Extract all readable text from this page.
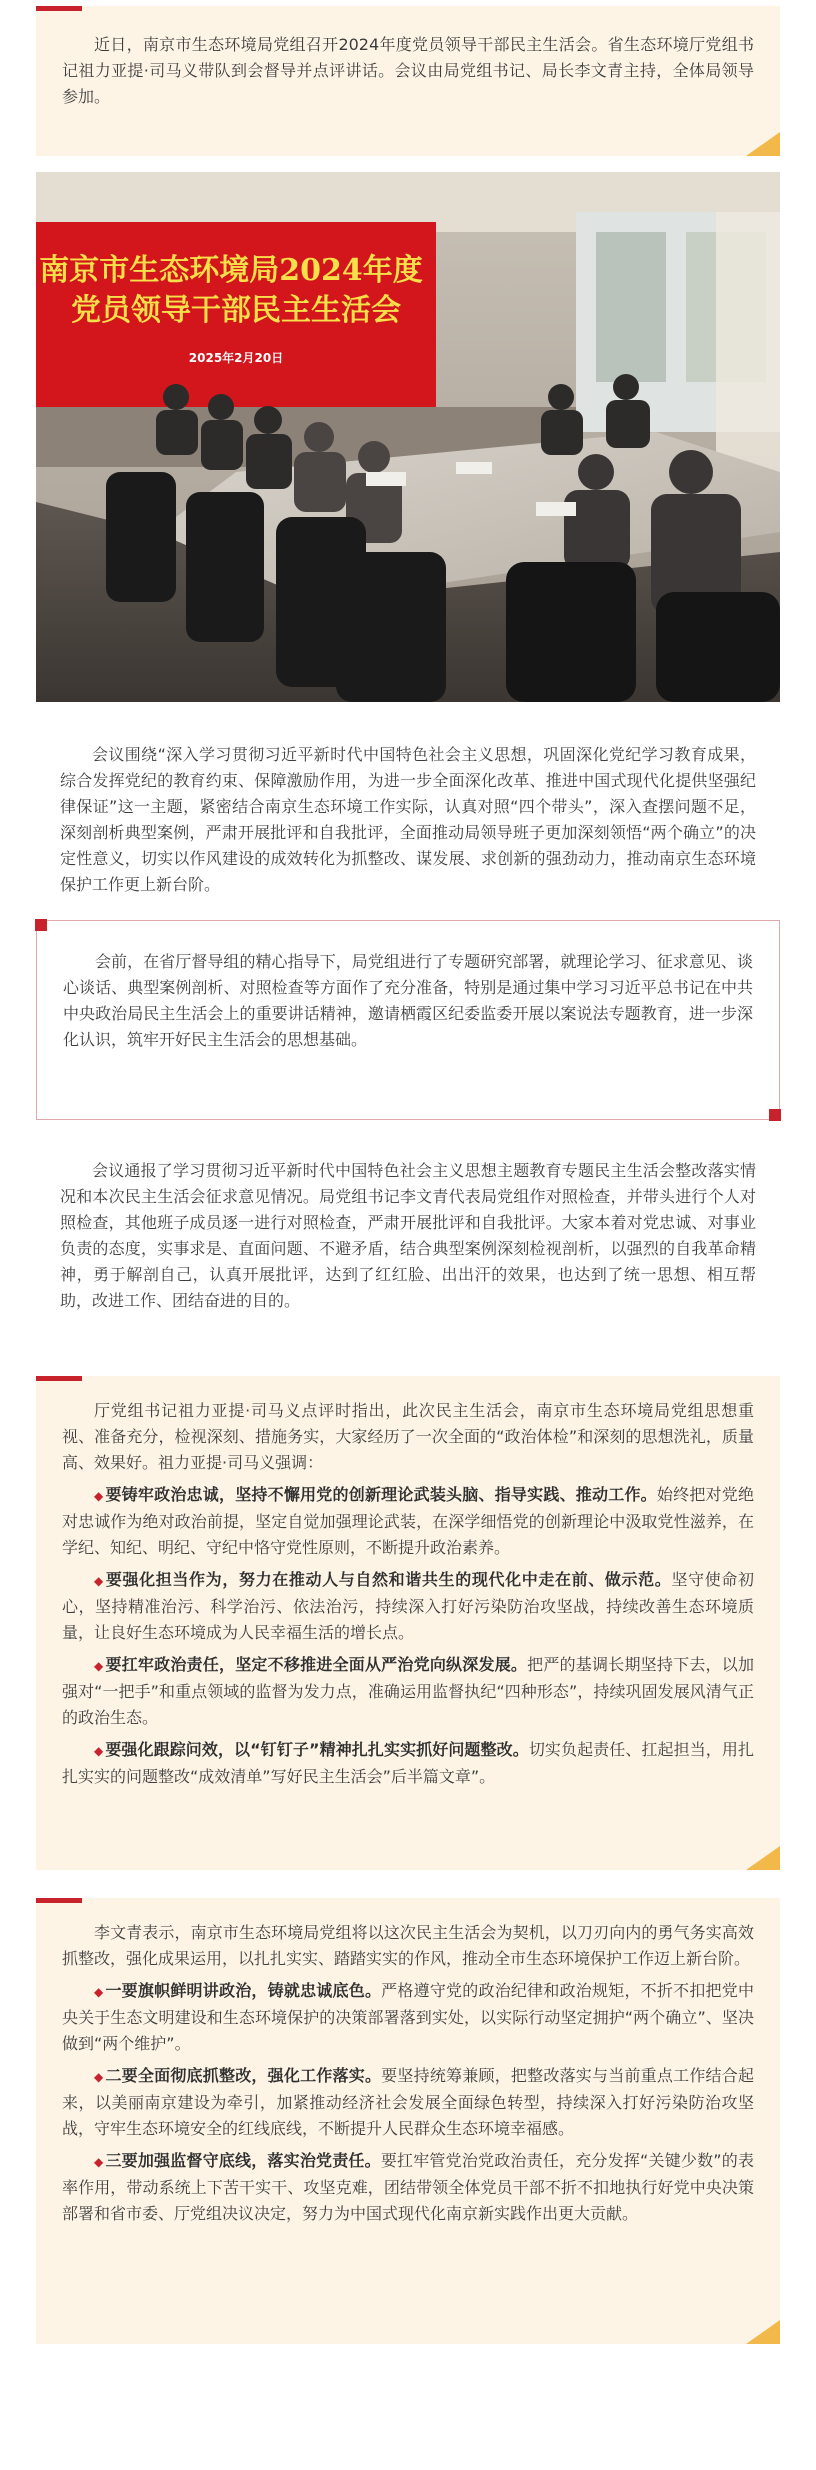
近日，南京市生态环境局党组召开2024年度党员领导干部民主生活会。省生态环境厅党组书记祖力亚提·司马义带队到会督导并点评讲话。会议由局党组书记、局长李文青主持，全体局领导参加。

南京市生态环境局2024年度
党员领导干部民主生活会
2025年2月20日

会议围绕“深入学习贯彻习近平新时代中国特色社会主义思想，巩固深化党纪学习教育成果，综合发挥党纪的教育约束、保障激励作用，为进一步全面深化改革、推进中国式现代化提供坚强纪律保证”这一主题，紧密结合南京生态环境工作实际，认真对照“四个带头”，深入查摆问题不足，深刻剖析典型案例，严肃开展批评和自我批评，全面推动局领导班子更加深刻领悟“两个确立”的决定性意义，切实以作风建设的成效转化为抓整改、谋发展、求创新的强劲动力，推动南京生态环境保护工作更上新台阶。

会前，在省厅督导组的精心指导下，局党组进行了专题研究部署，就理论学习、征求意见、谈心谈话、典型案例剖析、对照检查等方面作了充分准备，特别是通过集中学习习近平总书记在中共中央政治局民主生活会上的重要讲话精神，邀请栖霞区纪委监委开展以案说法专题教育，进一步深化认识，筑牢开好民主生活会的思想基础。

会议通报了学习贯彻习近平新时代中国特色社会主义思想主题教育专题民主生活会整改落实情况和本次民主生活会征求意见情况。局党组书记李文青代表局党组作对照检查，并带头进行个人对照检查，其他班子成员逐一进行对照检查，严肃开展批评和自我批评。大家本着对党忠诚、对事业负责的态度，实事求是、直面问题、不避矛盾，结合典型案例深刻检视剖析，以强烈的自我革命精神，勇于解剖自己，认真开展批评，达到了红红脸、出出汗的效果，也达到了统一思想、相互帮助，改进工作、团结奋进的目的。

厅党组书记祖力亚提·司马义点评时指出，此次民主生活会，南京市生态环境局党组思想重视、准备充分，检视深刻、措施务实，大家经历了一次全面的“政治体检”和深刻的思想洗礼，质量高、效果好。祖力亚提·司马义强调：

◆ 要铸牢政治忠诚，坚持不懈用党的创新理论武装头脑、指导实践、推动工作。始终把对党绝对忠诚作为绝对政治前提，坚定自觉加强理论武装，在深学细悟党的创新理论中汲取党性滋养，在学纪、知纪、明纪、守纪中恪守党性原则，不断提升政治素养。

◆ 要强化担当作为，努力在推动人与自然和谐共生的现代化中走在前、做示范。坚守使命初心，坚持精准治污、科学治污、依法治污，持续深入打好污染防治攻坚战，持续改善生态环境质量，让良好生态环境成为人民幸福生活的增长点。

◆ 要扛牢政治责任，坚定不移推进全面从严治党向纵深发展。把严的基调长期坚持下去，以加强对“一把手”和重点领域的监督为发力点，准确运用监督执纪“四种形态”，持续巩固发展风清气正的政治生态。

◆ 要强化跟踪问效，以“钉钉子”精神扎扎实实抓好问题整改。切实负起责任、扛起担当，用扎扎实实的问题整改“成效清单”写好民主生活会”后半篇文章”。

李文青表示，南京市生态环境局党组将以这次民主生活会为契机，以刀刃向内的勇气务实高效抓整改，强化成果运用，以扎扎实实、踏踏实实的作风，推动全市生态环境保护工作迈上新台阶。

◆ 一要旗帜鲜明讲政治，铸就忠诚底色。严格遵守党的政治纪律和政治规矩，不折不扣把党中央关于生态文明建设和生态环境保护的决策部署落到实处，以实际行动坚定拥护“两个确立”、坚决做到“两个维护”。

◆ 二要全面彻底抓整改，强化工作落实。要坚持统筹兼顾，把整改落实与当前重点工作结合起来，以美丽南京建设为牵引，加紧推动经济社会发展全面绿色转型，持续深入打好污染防治攻坚战，守牢生态环境安全的红线底线，不断提升人民群众生态环境幸福感。

◆ 三要加强监督守底线，落实治党责任。要扛牢管党治党政治责任，充分发挥“关键少数”的表率作用，带动系统上下苦干实干、攻坚克难，团结带领全体党员干部不折不扣地执行好党中央决策部署和省市委、厅党组决议决定，努力为中国式现代化南京新实践作出更大贡献。
